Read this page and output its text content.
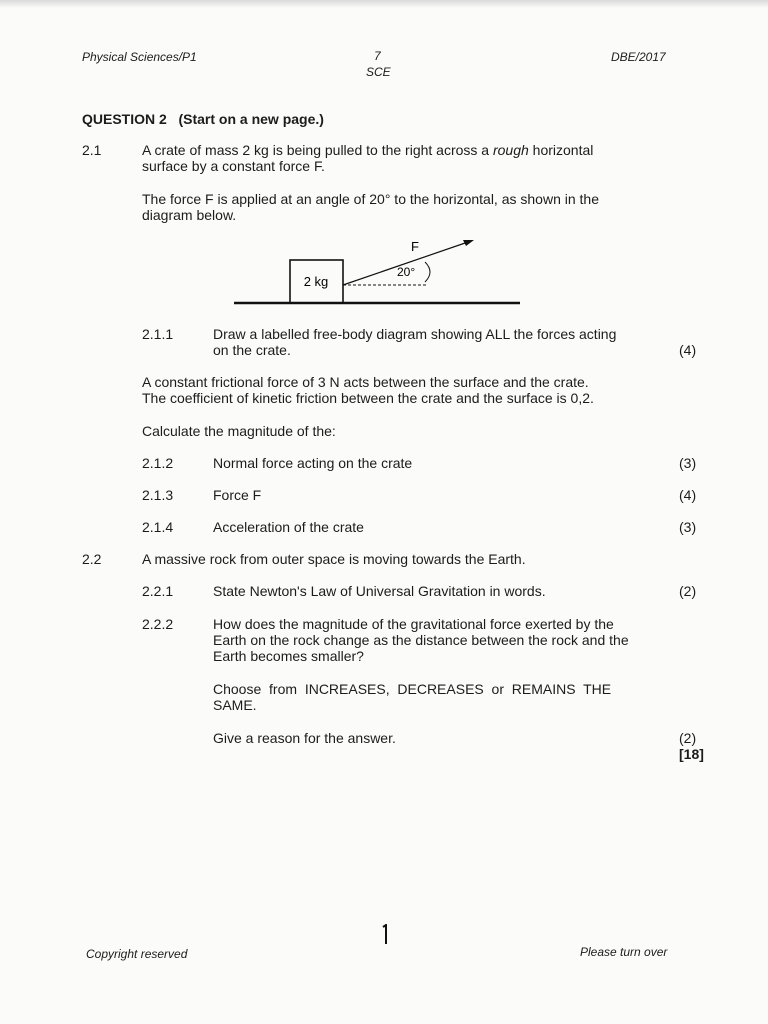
Physical Sciences/P1	7
SCE
DBE/2017
QUESTION 2 (Start on a new page.)
2.1	A crate of mass 2 kg is being pulled to the right across a rough horizontal
surface by a constant force F.
The force F is applied at an angle of 20° to the horizontal, as shown in the
diagram below.
2 kg
F
20°
2.1.1	Draw a labelled free-body diagram showing ALL the forces acting
on the crate.	(4)
A constant frictional force of 3 N acts between the surface and the crate.
The coefficient of kinetic friction between the crate and the surface is 0,2.
Calculate the magnitude of the:
2.1.2	Normal force acting on the crate	(3)
2.1.3	Force F	(4)
2.1.4	Acceleration of the crate	(3)
2.2	A massive rock from outer space is moving towards the Earth.
2.2.1	State Newton's Law of Universal Gravitation in words.	(2)
2.2.2	How does the magnitude of the gravitational force exerted by the
Earth on the rock change as the distance between the rock and the
Earth becomes smaller?
Choose  from  INCREASES,  DECREASES  or  REMAINS  THE
SAME.
Give a reason for the answer.	(2)
[18]
Copyright reserved	Please turn over
